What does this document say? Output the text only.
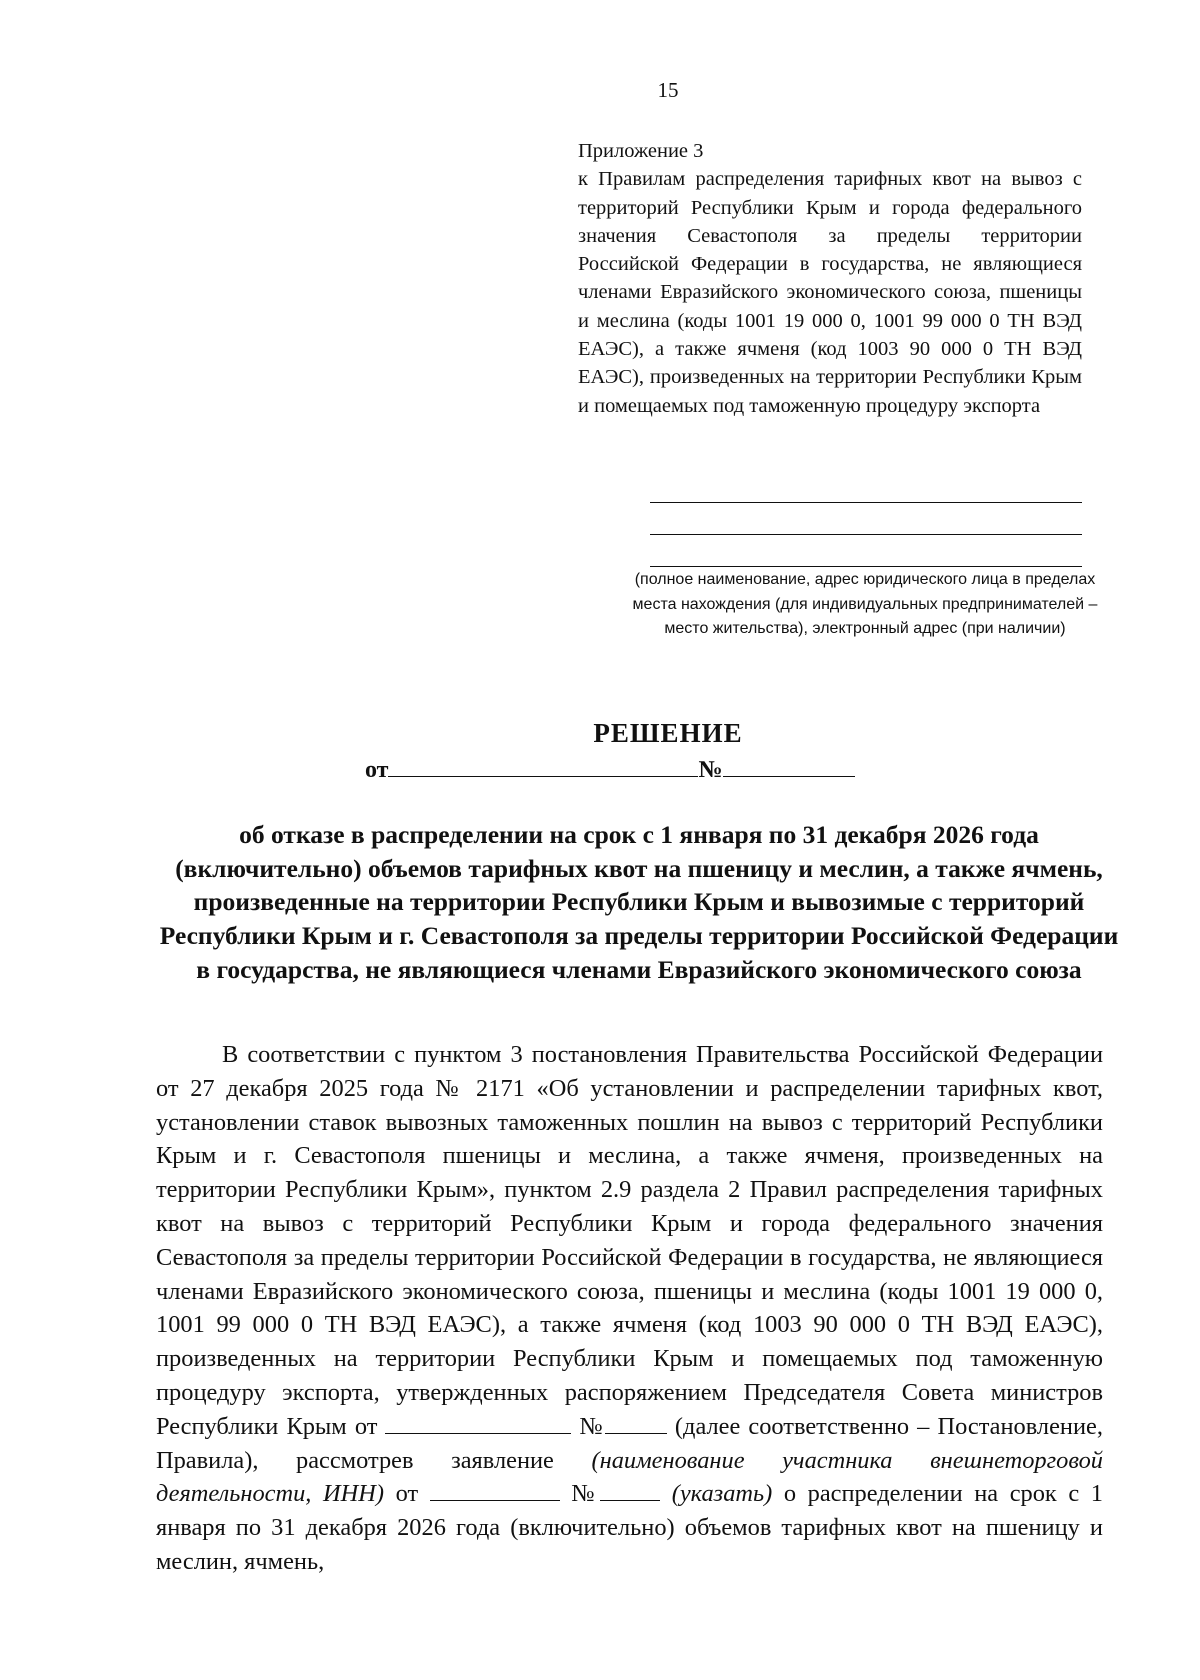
15
Приложение 3
к Правилам распределения тарифных квот на вывоз с территорий Республики Крым и города федерального значения Севастополя за пределы территории Российской Федерации в государства, не являющиеся членами Евразийского экономического союза, пшеницы и меслина (коды 1001 19 000 0, 1001 99 000 0 ТН ВЭД ЕАЭС), а также ячменя (код 1003 90 000 0 ТН ВЭД ЕАЭС), произведенных на территории Республики Крым и помещаемых под таможенную процедуру экспорта
(полное наименование, адрес юридического лица в пределах места нахождения (для индивидуальных предпринимателей – место жительства), электронный адрес (при наличии)
РЕШЕНИЕ
от	№
об отказе в распределении на срок с 1 января по 31 декабря 2026 года (включительно) объемов тарифных квот на пшеницу и меслин, а также ячмень, произведенные на территории Республики Крым и вывозимые с территорий Республики Крым и г. Севастополя за пределы территории Российской Федерации в государства, не являющиеся членами Евразийского экономического союза
В соответствии с пунктом 3 постановления Правительства Российской Федерации от 27 декабря 2025 года № 2171 «Об установлении и распределении тарифных квот, установлении ставок вывозных таможенных пошлин на вывоз с территорий Республики Крым и г. Севастополя пшеницы и меслина, а также ячменя, произведенных на территории Республики Крым», пунктом 2.9 раздела 2 Правил распределения тарифных квот на вывоз с территорий Республики Крым и города федерального значения Севастополя за пределы территории Российской Федерации в государства, не являющиеся членами Евразийского экономического союза, пшеницы и меслина (коды 1001 19 000 0, 1001 99 000 0 ТН ВЭД ЕАЭС), а также ячменя (код 1003 90 000 0 ТН ВЭД ЕАЭС), произведенных на территории Республики Крым и помещаемых под таможенную процедуру экспорта, утвержденных распоряжением Председателя Совета министров Республики Крым от	№	(далее соответственно – Постановление, Правила), рассмотрев заявление (наименование участника внешнеторговой деятельности, ИНН) от	№	(указать) о распределении на срок с 1 января по 31 декабря 2026 года (включительно) объемов тарифных квот на пшеницу и меслин, ячмень,
